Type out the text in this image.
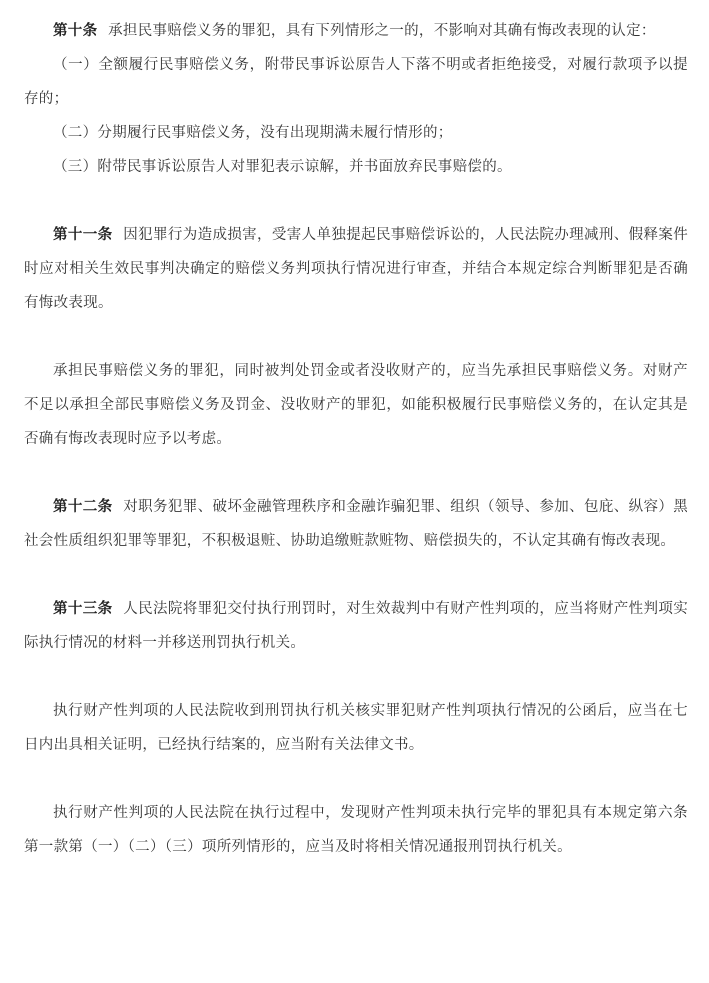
第十条 承担民事赔偿义务的罪犯，具有下列情形之一的，不影响对其确有悔改表现的认定：

（一）全额履行民事赔偿义务，附带民事诉讼原告人下落不明或者拒绝接受，对履行款项予以提存的；

（二）分期履行民事赔偿义务，没有出现期满未履行情形的；

（三）附带民事诉讼原告人对罪犯表示谅解，并书面放弃民事赔偿的。

第十一条 因犯罪行为造成损害，受害人单独提起民事赔偿诉讼的，人民法院办理减刑、假释案件时应对相关生效民事判决确定的赔偿义务判项执行情况进行审查，并结合本规定综合判断罪犯是否确有悔改表现。

承担民事赔偿义务的罪犯，同时被判处罚金或者没收财产的，应当先承担民事赔偿义务。对财产不足以承担全部民事赔偿义务及罚金、没收财产的罪犯，如能积极履行民事赔偿义务的，在认定其是否确有悔改表现时应予以考虑。

第十二条 对职务犯罪、破坏金融管理秩序和金融诈骗犯罪、组织（领导、参加、包庇、纵容）黑社会性质组织犯罪等罪犯，不积极退赃、协助追缴赃款赃物、赔偿损失的，不认定其确有悔改表现。

第十三条 人民法院将罪犯交付执行刑罚时，对生效裁判中有财产性判项的，应当将财产性判项实际执行情况的材料一并移送刑罚执行机关。

执行财产性判项的人民法院收到刑罚执行机关核实罪犯财产性判项执行情况的公函后，应当在七日内出具相关证明，已经执行结案的，应当附有关法律文书。

执行财产性判项的人民法院在执行过程中，发现财产性判项未执行完毕的罪犯具有本规定第六条第一款第（一）（二）（三）项所列情形的，应当及时将相关情况通报刑罚执行机关。
